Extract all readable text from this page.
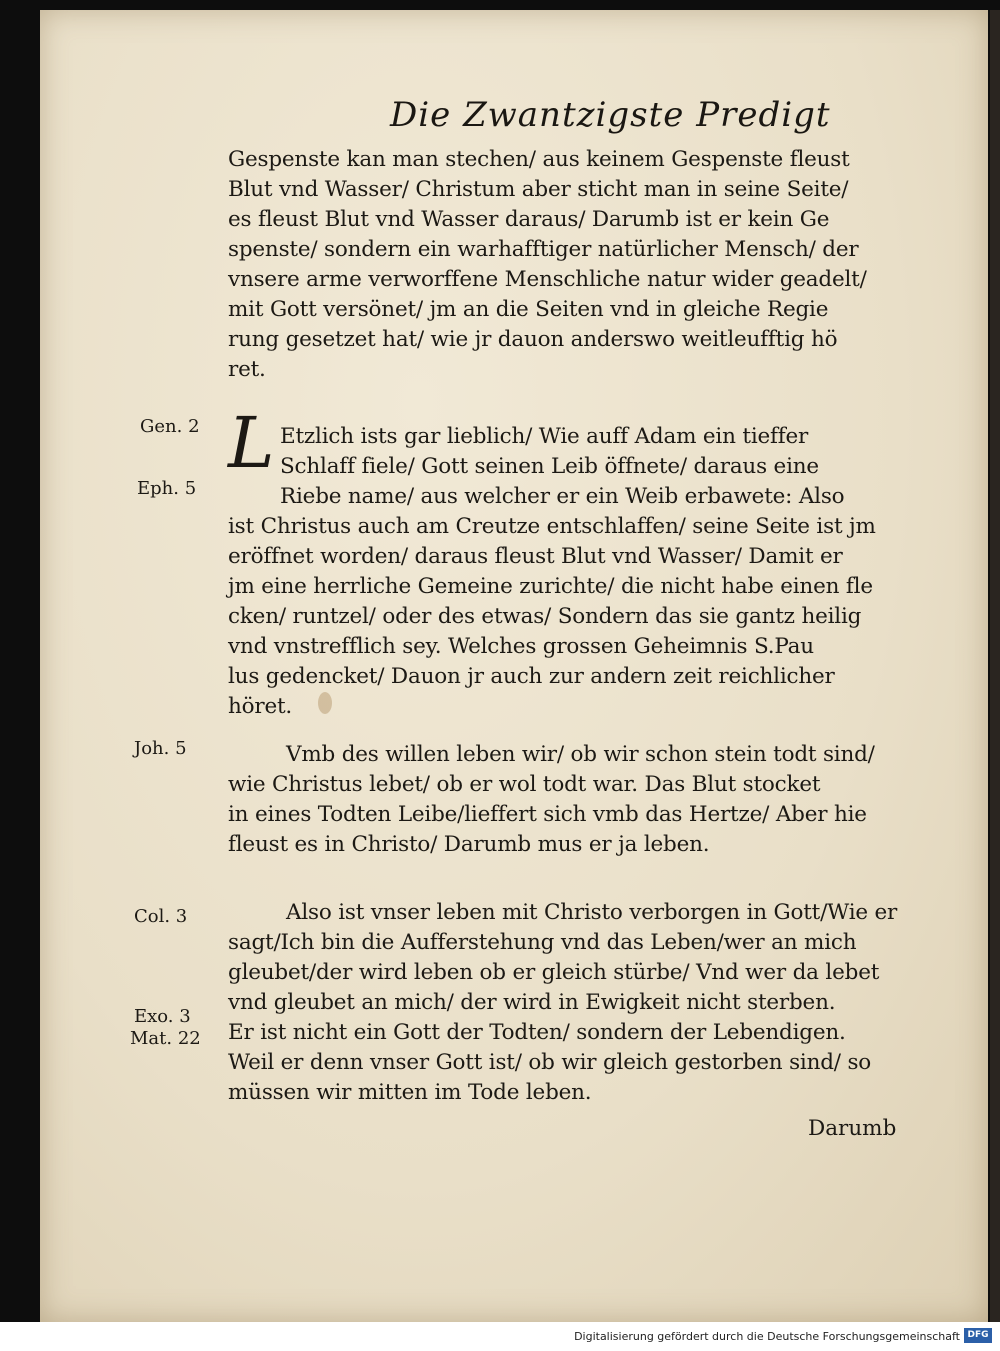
Die Zwantzigste Predigt
Gespenste kan man stechen/ aus keinem Gespenste fleust
Blut vnd Wasser/ Christum aber sticht man in seine Seite/
es fleust Blut vnd Wasser daraus/ Darumb ist er kein Ge
spenste/ sondern ein warhafftiger natürlicher Mensch/ der
vnsere arme verworffene Menschliche natur wider geadelt/
mit Gott versönet/ jm an die Seiten vnd in gleiche Regie
rung gesetzet hat/ wie jr dauon anderswo weitleufftig hö
ret.
L Etzlich ists gar lieblich/ Wie auff Adam ein tieffer
Schlaff fiele/ Gott seinen Leib öffnete/ daraus eine
Riebe name/ aus welcher er ein Weib erbawete: Also
ist Christus auch am Creutze entschlaffen/ seine Seite ist jm
eröffnet worden/ daraus fleust Blut vnd Wasser/ Damit er
jm eine herrliche Gemeine zurichte/ die nicht habe einen fle
cken/ runtzel/ oder des etwas/ Sondern das sie gantz heilig
vnd vnstrefflich sey. Welches grossen Geheimnis S.Pau
lus gedencket/ Dauon jr auch zur andern zeit reichlicher
höret.
Vmb des willen leben wir/ ob wir schon stein todt sind/
wie Christus lebet/ ob er wol todt war. Das Blut stocket
in eines Todten Leibe/lieffert sich vmb das Hertze/ Aber hie
fleust es in Christo/ Darumb mus er ja leben.
Also ist vnser leben mit Christo verborgen in Gott/Wie er
sagt/Ich bin die Aufferstehung vnd das Leben/wer an mich
gleubet/der wird leben ob er gleich stürbe/ Vnd wer da lebet
vnd gleubet an mich/ der wird in Ewigkeit nicht sterben.
Er ist nicht ein Gott der Todten/ sondern der Lebendigen.
Weil er denn vnser Gott ist/ ob wir gleich gestorben sind/ so
müssen wir mitten im Tode leben.
Gen. 2
Eph. 5
Joh. 5
Col. 3
Exo. 3
Mat. 22
Darumb
Digitalisierung gefördert durch die Deutsche Forschungsgemeinschaft DFG
